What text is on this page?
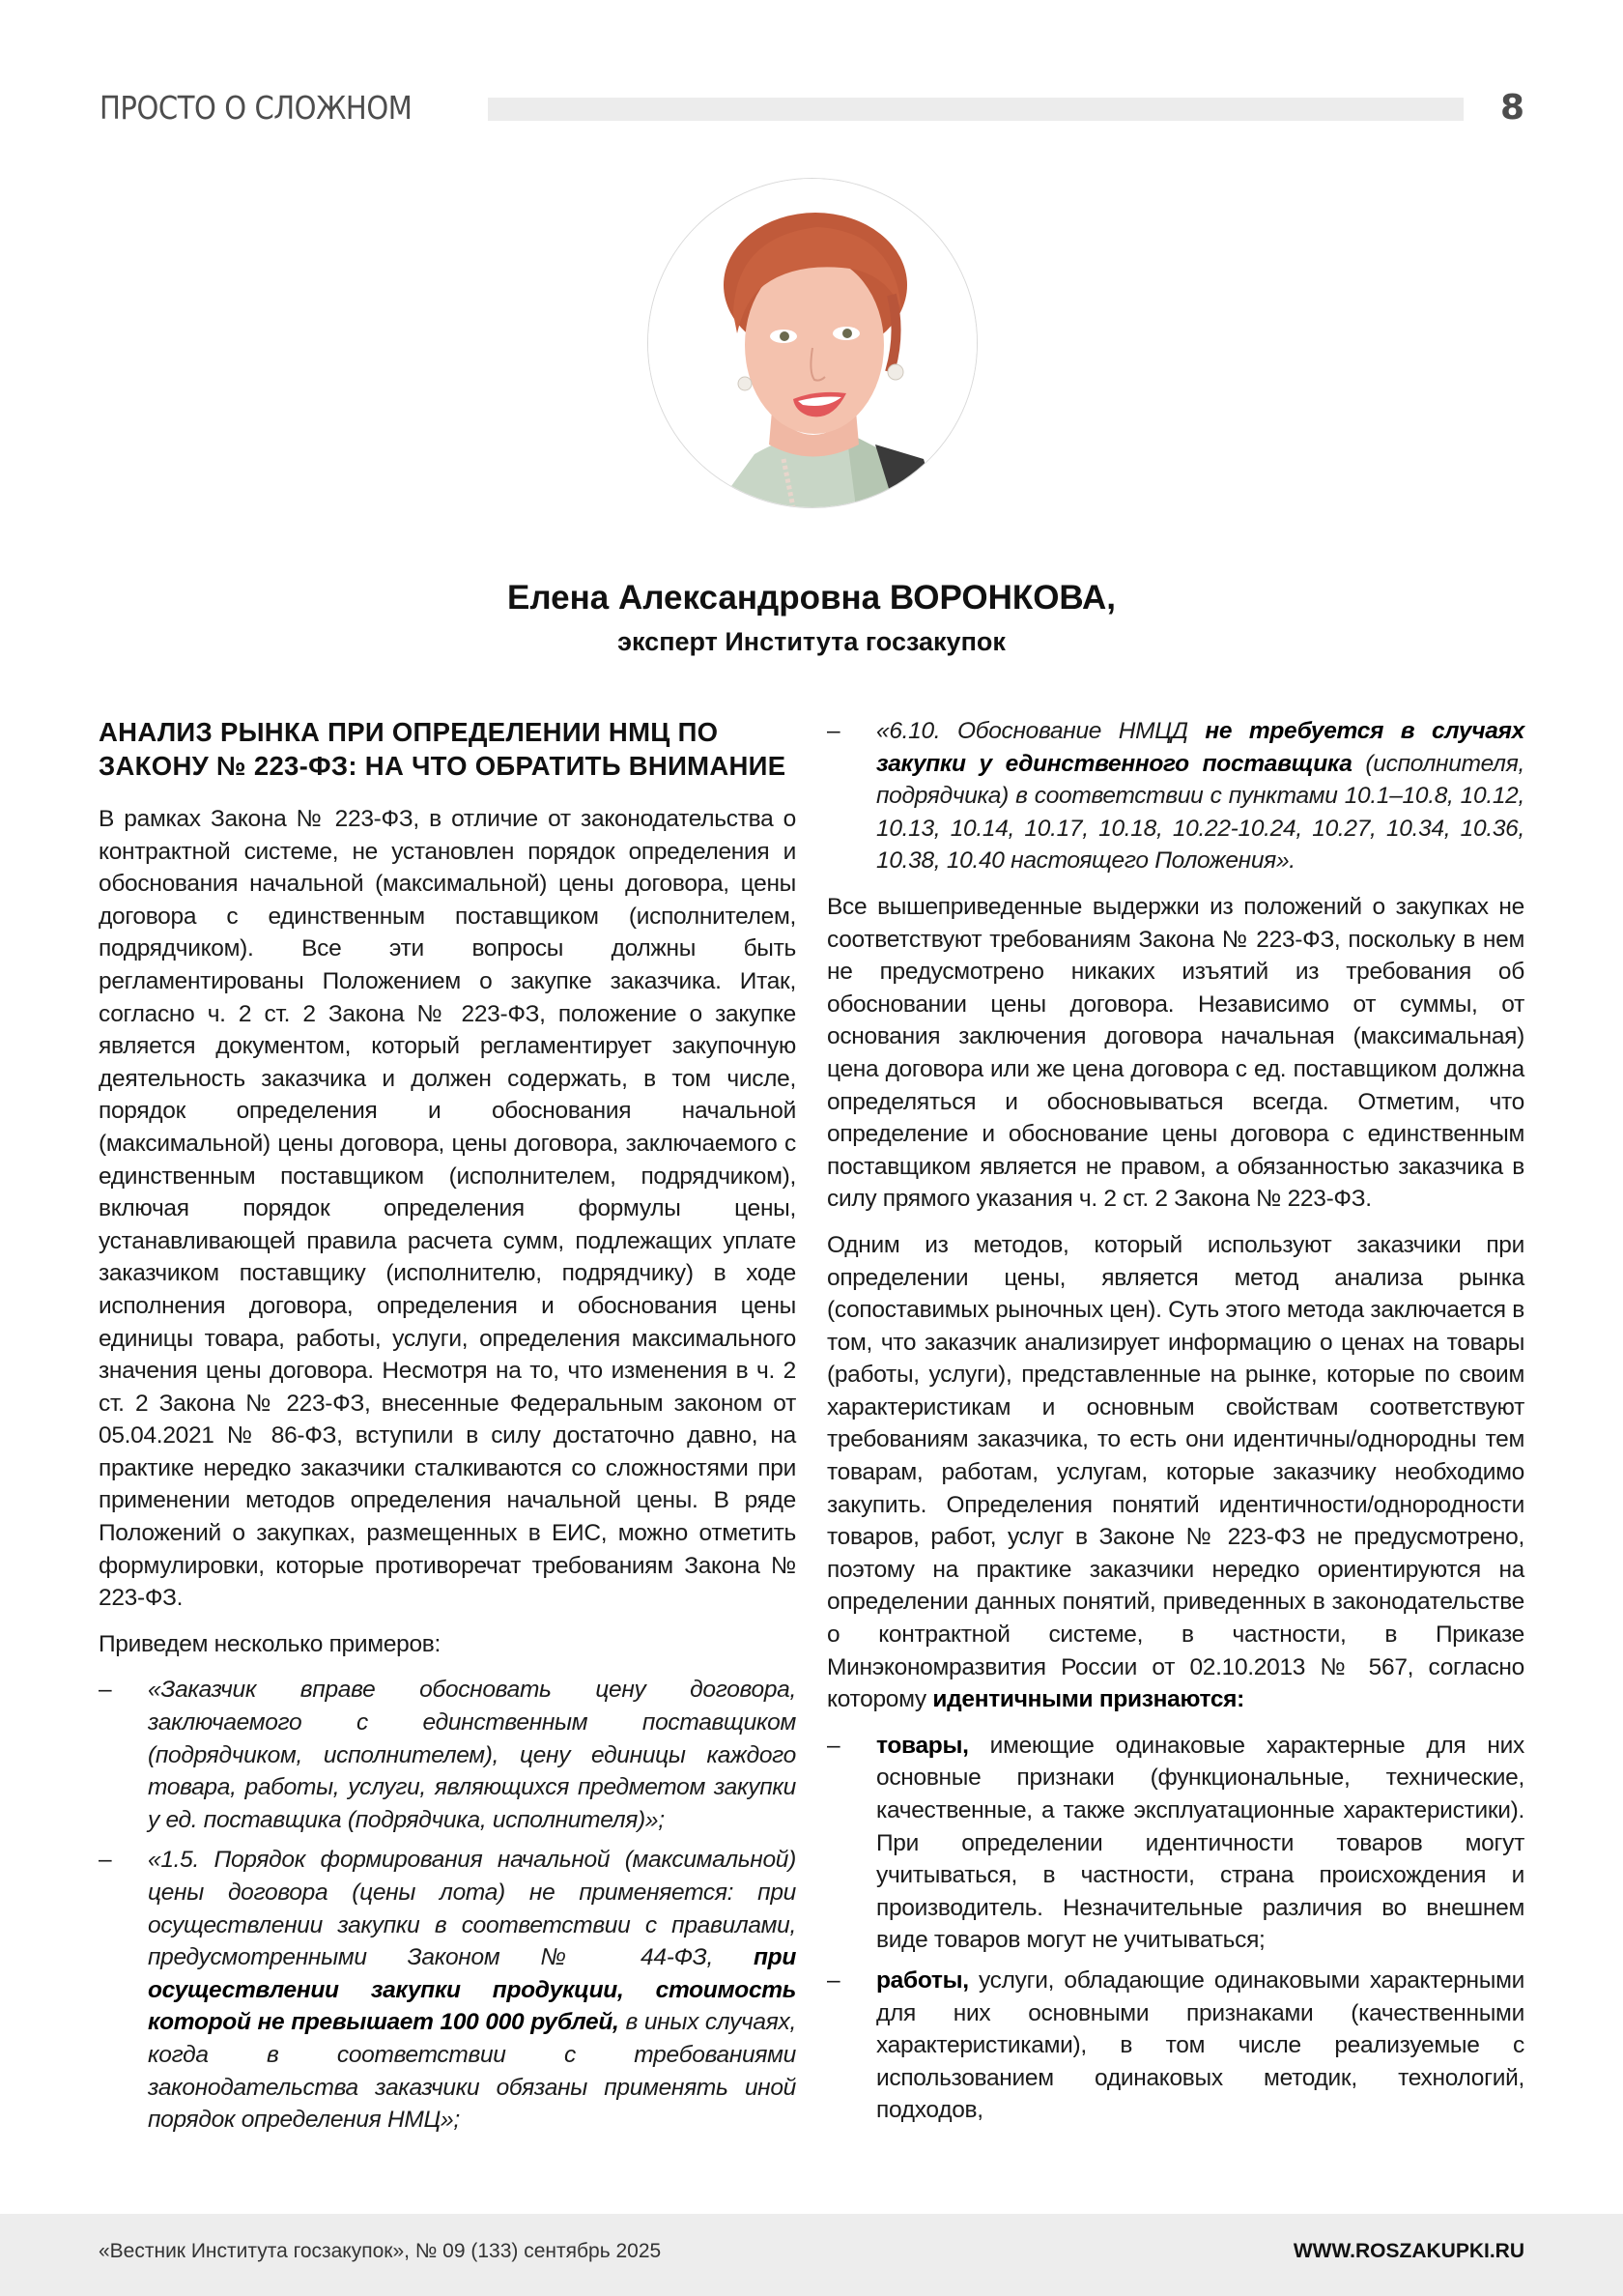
ПРОСТО О СЛОЖНОМ	8
Елена Александровна ВОРОНКОВА,
эксперт Института госзакупок
АНАЛИЗ РЫНКА ПРИ ОПРЕДЕЛЕНИИ НМЦ ПО ЗАКОНУ № 223-ФЗ: НА ЧТО ОБРАТИТЬ ВНИМАНИЕ

В рамках Закона № 223-ФЗ, в отличие от законодательства о контрактной системе, не установлен порядок определения и обоснования начальной (максимальной) цены договора, цены договора с единственным поставщиком (исполнителем, подрядчиком). Все эти вопросы должны быть регламентированы Положением о закупке заказчика. Итак, согласно ч. 2 ст. 2 Закона № 223-ФЗ, положение о закупке является документом, который регламентирует закупочную деятельность заказчика и должен содержать, в том числе, порядок определения и обоснования начальной (максимальной) цены договора, цены договора, заключаемого с единственным поставщиком (исполнителем, подрядчиком), включая порядок определения формулы цены, устанавливающей правила расчета сумм, подлежащих уплате заказчиком поставщику (исполнителю, подрядчику) в ходе исполнения договора, определения и обоснования цены единицы товара, работы, услуги, определения максимального значения цены договора. Несмотря на то, что изменения в ч. 2 ст. 2 Закона № 223-ФЗ, внесенные Федеральным законом от 05.04.2021 № 86-ФЗ, вступили в силу достаточно давно, на практике нередко заказчики сталкиваются со сложностями при применении методов определения начальной цены. В ряде Положений о закупках, размещенных в ЕИС, можно отметить формулировки, которые противоречат требованиям Закона № 223-ФЗ.

Приведем несколько примеров:

– «Заказчик вправе обосновать цену договора, заключаемого с единственным поставщиком (подрядчиком, исполнителем), цену единицы каждого товара, работы, услуги, являющихся предметом закупки у ед. поставщика (подрядчика, исполнителя)»;
– «1.5. Порядок формирования начальной (максимальной) цены договора (цены лота) не применяется: при осуществлении закупки в соответствии с правилами, предусмотренными Законом № 44-ФЗ, при осуществлении закупки продукции, стоимость которой не превышает 100 000 рублей, в иных случаях, когда в соответствии с требованиями законодательства заказчики обязаны применять иной порядок определения НМЦ»;
– «6.10. Обоснование НМЦД не требуется в случаях закупки у единственного поставщика (исполнителя, подрядчика) в соответствии с пунктами 10.1–10.8, 10.12, 10.13, 10.14, 10.17, 10.18, 10.22-10.24, 10.27, 10.34, 10.36, 10.38, 10.40 настоящего Положения».

Все вышеприведенные выдержки из положений о закупках не соответствуют требованиям Закона № 223-ФЗ, поскольку в нем не предусмотрено никаких изъятий из требования об обосновании цены договора. Независимо от суммы, от основания заключения договора начальная (максимальная) цена договора или же цена договора с ед. поставщиком должна определяться и обосновываться всегда. Отметим, что определение и обоснование цены договора с единственным поставщиком является не правом, а обязанностью заказчика в силу прямого указания ч. 2 ст. 2 Закона № 223-ФЗ.

Одним из методов, который используют заказчики при определении цены, является метод анализа рынка (сопоставимых рыночных цен). Суть этого метода заключается в том, что заказчик анализирует информацию о ценах на товары (работы, услуги), представленные на рынке, которые по своим характеристикам и основным свойствам соответствуют требованиям заказчика, то есть они идентичны/однородны тем товарам, работам, услугам, которые заказчику необходимо закупить. Определения понятий идентичности/однородности товаров, работ, услуг в Законе № 223-ФЗ не предусмотрено, поэтому на практике заказчики нередко ориентируются на определении данных понятий, приведенных в законодательстве о контрактной системе, в частности, в Приказе Минэкономразвития России от 02.10.2013 № 567, согласно которому идентичными признаются:

– товары, имеющие одинаковые характерные для них основные признаки (функциональные, технические, качественные, а также эксплуатационные характеристики). При определении идентичности товаров могут учитываться, в частности, страна происхождения и производитель. Незначительные различия во внешнем виде товаров могут не учитываться;
– работы, услуги, обладающие одинаковыми характерными для них основными признаками (качественными характеристиками), в том числе реализуемые с использованием одинаковых методик, технологий, подходов,
«Вестник Института госзакупок», № 09 (133) сентябрь 2025	WWW.ROSZAKUPKI.RU
